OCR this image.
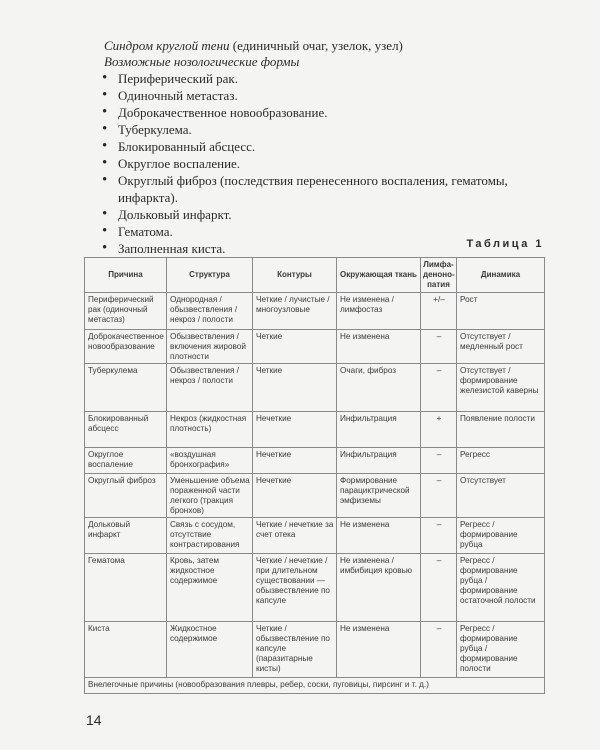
Синдром круглой тени (единичный очаг, узелок, узел)
Возможные нозологические формы
• Периферический рак.
• Одиночный метастаз.
• Доброкачественное новообразование.
• Туберкулема.
• Блокированный абсцесс.
• Округлое воспаление.
• Округлый фиброз (последствия перенесенного воспаления, гематомы, инфаркта).
• Дольковый инфаркт.
• Гематома.
• Заполненная киста.	Таблица 1
Причина	Структура	Контуры	Окружающая ткань	Лимфа-деноно-патия	Динамика
Периферический рак (одиночный метастаз)	Однородная / обызвествления / некроз / полости	Четкие / лучистые / многоузловые	Не изменена / лимфостаз	+/–	Рост
Доброкачественное новообразование	Обызвествления / включения жировой плотности	Четкие	Не изменена	–	Отсутствует / медленный рост
Туберкулема	Обызвествления / некроз / полости	Четкие	Очаги, фиброз	–	Отсутствует / формирование железистой каверны
Блокированный абсцесс	Некроз (жидкостная плотность)	Нечеткие	Инфильтрация	+	Появление полости
Округлое воспаление	«воздушная бронхография»	Нечеткие	Инфильтрация	–	Регресс
Округлый фиброз	Уменьшение объема пораженной части легкого (тракция бронхов)	Нечеткие	Формирование парациктрической эмфиземы	–	Отсутствует
Дольковый инфаркт	Связь с сосудом, отсутствие контрастирования	Четкие / нечеткие за счет отека	Не изменена	–	Регресс / формирование рубца
Гематома	Кровь, затем жидкостное содержимое	Четкие / нечеткие / при длительном существовании — обызвествление по капсуле	Не изменена / имбибиция кровью	–	Регресс / формирование рубца / формирование остаточной полости
Киста	Жидкостное содержимое	Четкие / обызвествление по капсуле (паразитарные кисты)	Не изменена	–	Регресс / формирование рубца / формирование полости
Внелегочные причины (новообразования плевры, ребер, соски, пуговицы, пирсинг и т. д.)					
14
